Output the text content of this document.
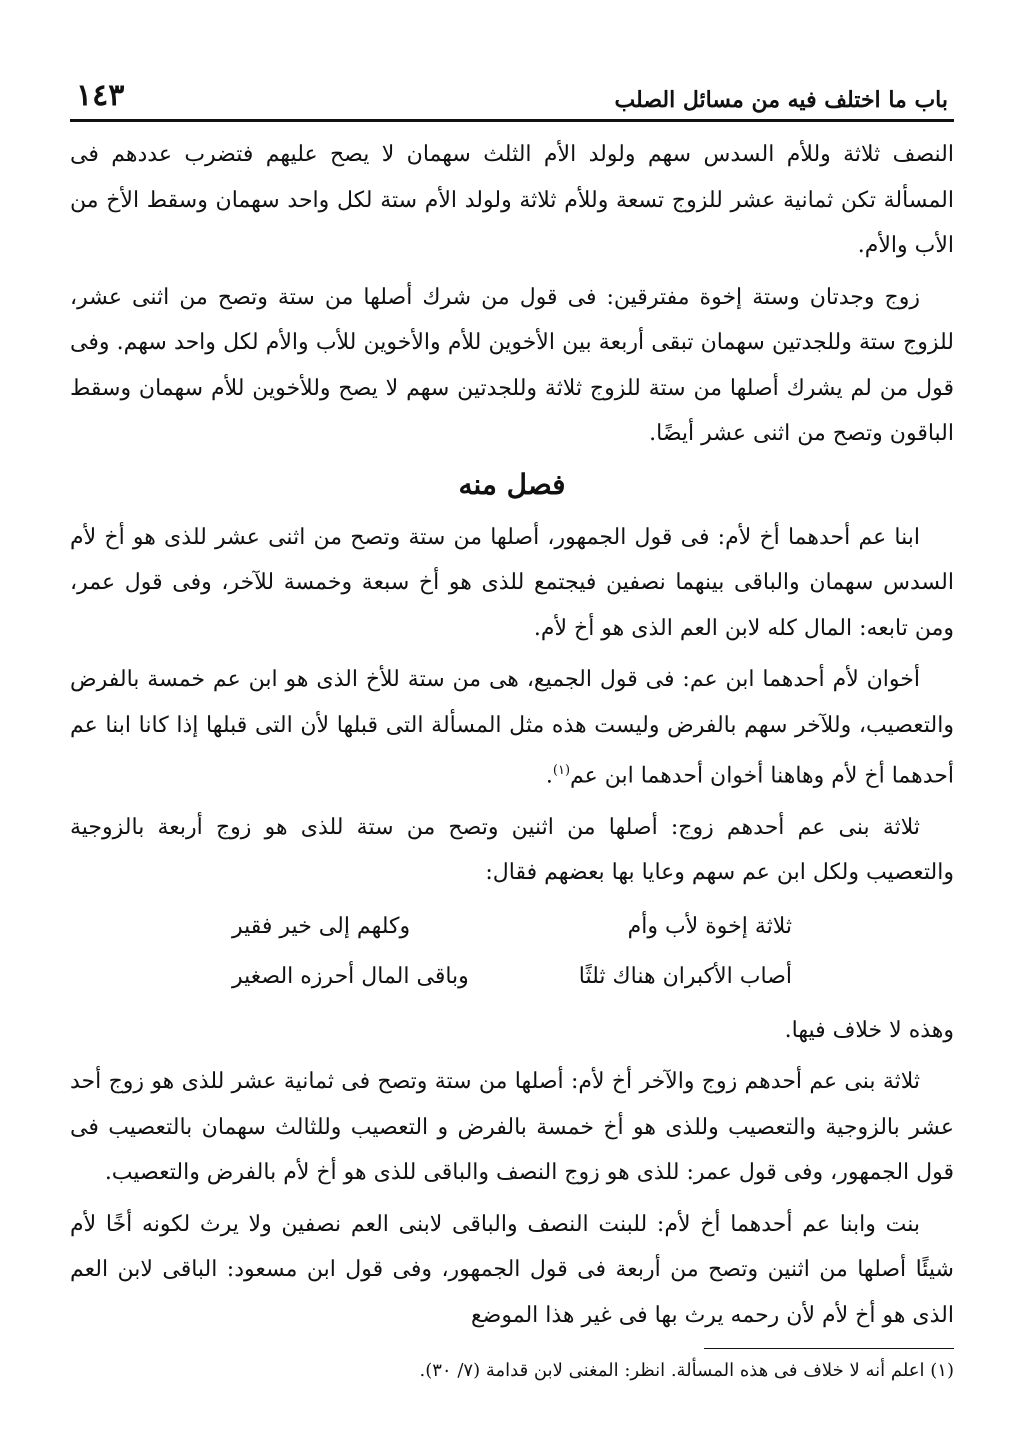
باب ما اختلف فيه من مسائل الصلب
١٤٣

النصف ثلاثة وللأم السدس سهم ولولد الأم الثلث سهمان لا يصح عليهم فتضرب عددهم فى المسألة تكن ثمانية عشر للزوج تسعة وللأم ثلاثة ولولد الأم ستة لكل واحد سهمان وسقط الأخ من الأب والأم.

زوج وجدتان وستة إخوة مفترقين: فى قول من شرك أصلها من ستة وتصح من اثنى عشر، للزوج ستة وللجدتين سهمان تبقى أربعة بين الأخوين للأم والأخوين للأب والأم لكل واحد سهم. وفى قول من لم يشرك أصلها من ستة للزوج ثلاثة وللجدتين سهم لا يصح وللأخوين للأم سهمان وسقط الباقون وتصح من اثنى عشر أيضًا.

فصل منه

ابنا عم أحدهما أخ لأم: فى قول الجمهور، أصلها من ستة وتصح من اثنى عشر للذى هو أخ لأم السدس سهمان والباقى بينهما نصفين فيجتمع للذى هو أخ سبعة وخمسة للآخر، وفى قول عمر، ومن تابعه: المال كله لابن العم الذى هو أخ لأم.

أخوان لأم أحدهما ابن عم: فى قول الجميع، هى من ستة للأخ الذى هو ابن عم خمسة بالفرض والتعصيب، وللآخر سهم بالفرض وليست هذه مثل المسألة التى قبلها لأن التى قبلها إذا كانا ابنا عم أحدهما أخ لأم وهاهنا أخوان أحدهما ابن عم$^{(١)}$.

ثلاثة بنى عم أحدهم زوج: أصلها من اثنين وتصح من ستة للذى هو زوج أربعة بالزوجية والتعصيب ولكل ابن عم سهم وعايا بها بعضهم فقال:

ثلاثة إخوة لأب وأم
وكلهم إلى خير فقير
أصاب الأكبران هناك ثلثًا
وباقى المال أحرزه الصغير

وهذه لا خلاف فيها.

ثلاثة بنى عم أحدهم زوج والآخر أخ لأم: أصلها من ستة وتصح فى ثمانية عشر للذى هو زوج أحد عشر بالزوجية والتعصيب وللذى هو أخ خمسة بالفرض و التعصيب وللثالث سهمان بالتعصيب فى قول الجمهور، وفى قول عمر: للذى هو زوج النصف والباقى للذى هو أخ لأم بالفرض والتعصيب.

بنت وابنا عم أحدهما أخ لأم: للبنت النصف والباقى لابنى العم نصفين ولا يرث لكونه أخًا لأم شيئًا أصلها من اثنين وتصح من أربعة فى قول الجمهور، وفى قول ابن مسعود: الباقى لابن العم الذى هو أخ لأم لأن رحمه يرث بها فى غير هذا الموضع

(١) اعلم أنه لا خلاف فى هذه المسألة. انظر: المغنى لابن قدامة (٧/ ٣٠).
